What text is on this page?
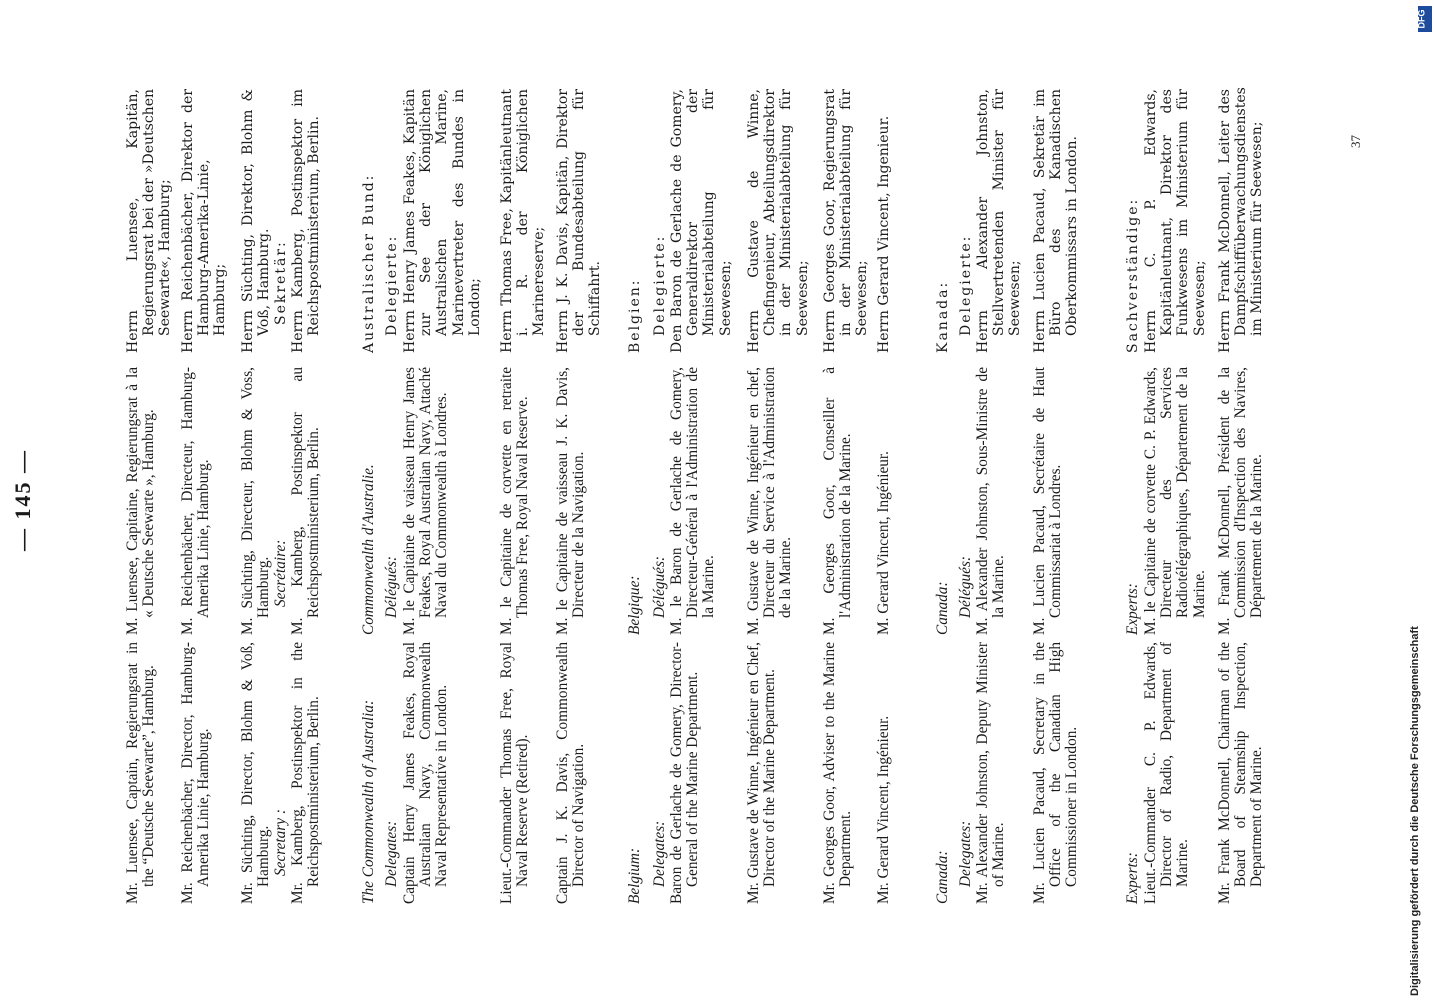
— 145 —
Mr. Luensee, Captain, Regierungsrat in the “Deutsche Seewarte”, Hamburg. Mr. Reichenbächer, Director, Hamburg-Amerika Linie, Hamburg. Mr. Süchting, Director, Blohm & Voß, Hamburg. Secretary : Mr. Kamberg, Postinspektor in the Reichspostministerium, Berlin. The Commonwealth of Australia: Delegates: Captain Henry James Feakes, Royal Australian Navy, Commonwealth Naval Representative in London.	Lieut.-Commander Thomas Free, Royal Naval Reserve (Retired). Captain J. K. Davis, Commonwealth Director of Navigation.	Belgium: Delegates: Baron de Gerlache de Gomery, Director-General of the Marine Department.	Mr. Gustave de Winne, Ingénieur en Chef, Director of the Marine Department.	Mr. Georges Goor, Adviser to the Marine Department. Mr. Gerard Vincent, Ingénieur.	Canada: Delegates: Mr. Alexander Johnston, Deputy Minister of Marine. Mr. Lucien Pacaud, Secretary in the Office of the Canadian High Commissioner in London.	Experts: Lieut.-Commander C. P. Edwards, Director of Radio, Department of Marine. Mr. Frank McDonnell, Chairman of the Board of Steamship Inspection, Department of Marine.
M. Luensee, Capitaine, Regierungsrat à la « Deutsche Seewarte », Hamburg. M. Reichenbächer, Directeur, Hamburg-Amerika Linie, Hamburg. M. Süchting, Directeur, Blohm & Voss, Hamburg. Secrétaire: M. Kamberg, Postinspektor au Reichspostministerium, Berlin. Commonwealth d'Australie. Délégués: M. le Capitaine de vaisseau Henry James Feakes, Royal Australian Navy, Attaché Naval du Commonwealth à Londres.	M. le Capitaine de corvette en retraite Thomas Free, Royal Naval Reserve. M. le Capitaine de vaisseau J. K. Davis, Directeur de la Navigation.	Belgique: Délégués: M. le Baron de Gerlache de Gomery, Directeur-Général à l'Administration de la Marine. M. Gustave de Winne, Ingénieur en chef, Directeur du Service à l'Administration de la Marine. M. Georges Goor, Conseiller à l'Administration de la Marine. M. Gerard Vincent, Ingénieur.	Canada: Délégués: M. Alexander Johnston, Sous-Ministre de la Marine. M. Lucien Pacaud, Secrétaire de Haut Commissariat à Londres.	Experts: M. le Capitaine de corvette C. P. Edwards, Directeur des Services Radiotélégraphiques, Département de la Marine. M. Frank McDonnell, Président de la Commission d'Inspection des Navires, Département de la Marine.
Herrn Luensee, Kapitän, Regierungsrat bei der »Deutschen Seewarte«, Hamburg; Herrn Reichenbächer, Direktor der Hamburg-Amerika-Linie, Hamburg; Herrn Süchting, Direktor, Blohm & Voß, Hamburg. Sekretär: Herrn Kamberg, Postinspektor im Reichspostministerium, Berlin.	Australischer Bund: Delegierte: Herrn Henry James Feakes, Kapitän zur See der Königlichen Australischen Marine, Marinevertreter des Bundes in London; Herrn Thomas Free, Kapitänleutnant i. R. der Königlichen Marinereserve; Herrn J. K. Davis, Kapitän, Direktor der Bundesabteilung für Schiffahrt. Belgien: Delegierte: Den Baron de Gerlache de Gomery, Generaldirektor der Ministerialabteilung für Seewesen; Herrn Gustave de Winne, Chefingenieur, Abteilungsdirektor in der Ministerialabteilung für Seewesen; Herrn Georges Goor, Regierungsrat in der Ministerialabteilung für Seewesen; Herrn Gerard Vincent, Ingenieur.	Kanada: Delegierte: Herrn Alexander Johnston, Stellvertretenden Minister für Seewesen; Herrn Lucien Pacaud, Sekretär im Büro des Kanadischen Oberkommissars in London.	Sachverständige: Herrn C. P. Edwards, Kapitänleutnant, Direktor des Funkwesens im Ministerium für Seewesen; Herrn Frank McDonnell, Leiter des Dampfschiffüberwachungsdienstes im Ministerium für Seewesen;	37
Digitalisierung gefördert durch die Deutsche Forschungsgemeinschaft
DFG
